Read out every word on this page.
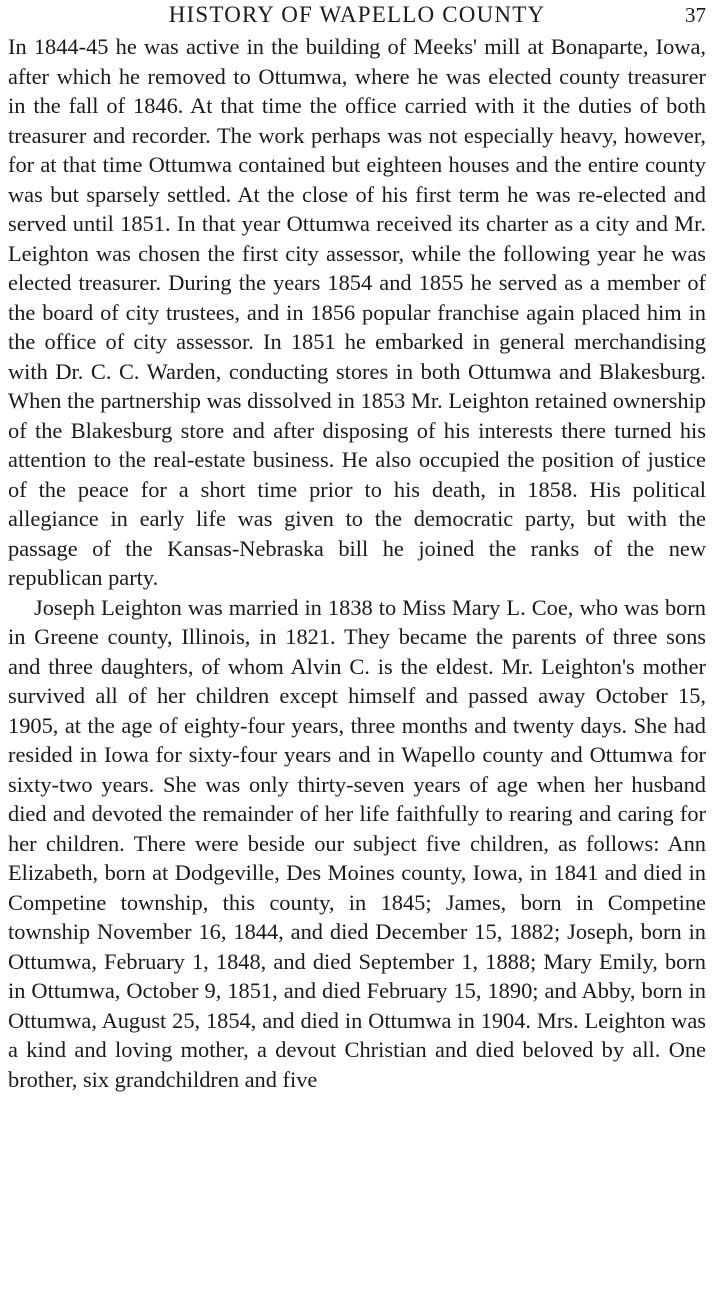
HISTORY OF WAPELLO COUNTY	37

In 1844-45 he was active in the building of Meeks' mill at Bonaparte, Iowa, after which he removed to Ottumwa, where he was elected county treasurer in the fall of 1846. At that time the office carried with it the duties of both treasurer and recorder. The work perhaps was not especially heavy, however, for at that time Ottumwa contained but eighteen houses and the entire county was but sparsely settled. At the close of his first term he was re-elected and served until 1851. In that year Ottumwa received its charter as a city and Mr. Leighton was chosen the first city assessor, while the following year he was elected treasurer. During the years 1854 and 1855 he served as a member of the board of city trustees, and in 1856 popular franchise again placed him in the office of city assessor. In 1851 he embarked in general merchandising with Dr. C. C. Warden, conducting stores in both Ottumwa and Blakesburg. When the partnership was dissolved in 1853 Mr. Leighton retained ownership of the Blakesburg store and after disposing of his interests there turned his attention to the real-estate business. He also occupied the position of justice of the peace for a short time prior to his death, in 1858. His political allegiance in early life was given to the democratic party, but with the passage of the Kansas-Nebraska bill he joined the ranks of the new republican party.

Joseph Leighton was married in 1838 to Miss Mary L. Coe, who was born in Greene county, Illinois, in 1821. They became the parents of three sons and three daughters, of whom Alvin C. is the eldest. Mr. Leighton's mother survived all of her children except himself and passed away October 15, 1905, at the age of eighty-four years, three months and twenty days. She had resided in Iowa for sixty-four years and in Wapello county and Ottumwa for sixty-two years. She was only thirty-seven years of age when her husband died and devoted the remainder of her life faithfully to rearing and caring for her children. There were beside our subject five children, as follows: Ann Elizabeth, born at Dodgeville, Des Moines county, Iowa, in 1841 and died in Competine township, this county, in 1845; James, born in Competine township November 16, 1844, and died December 15, 1882; Joseph, born in Ottumwa, February 1, 1848, and died September 1, 1888; Mary Emily, born in Ottumwa, October 9, 1851, and died February 15, 1890; and Abby, born in Ottumwa, August 25, 1854, and died in Ottumwa in 1904. Mrs. Leighton was a kind and loving mother, a devout Christian and died beloved by all. One brother, six grandchildren and five
